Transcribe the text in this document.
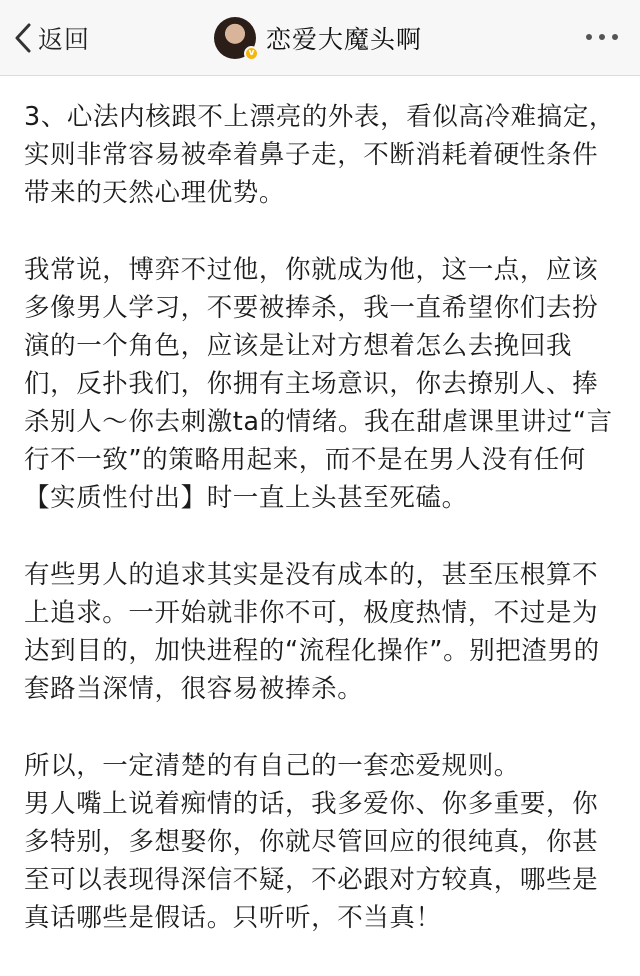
返回	v 恋爱大魔头啊
3、心法内核跟不上漂亮的外表，看似高冷难搞定，
实则非常容易被牵着鼻子走，不断消耗着硬性条件
带来的天然心理优势。
我常说，博弈不过他，你就成为他，这一点，应该
多像男人学习，不要被捧杀，我一直希望你们去扮
演的一个角色，应该是让对方想着怎么去挽回我
们，反扑我们，你拥有主场意识，你去撩别人、捧
杀别人～你去刺激ta的情绪。我在甜虐课里讲过“言
行不一致”的策略用起来，而不是在男人没有任何
【实质性付出】时一直上头甚至死磕。
有些男人的追求其实是没有成本的，甚至压根算不
上追求。一开始就非你不可，极度热情，不过是为
达到目的，加快进程的“流程化操作”。别把渣男的
套路当深情，很容易被捧杀。
所以，一定清楚的有自己的一套恋爱规则。
男人嘴上说着痴情的话，我多爱你、你多重要，你
多特别，多想娶你，你就尽管回应的很纯真，你甚
至可以表现得深信不疑，不必跟对方较真，哪些是
真话哪些是假话。只听听，不当真！
